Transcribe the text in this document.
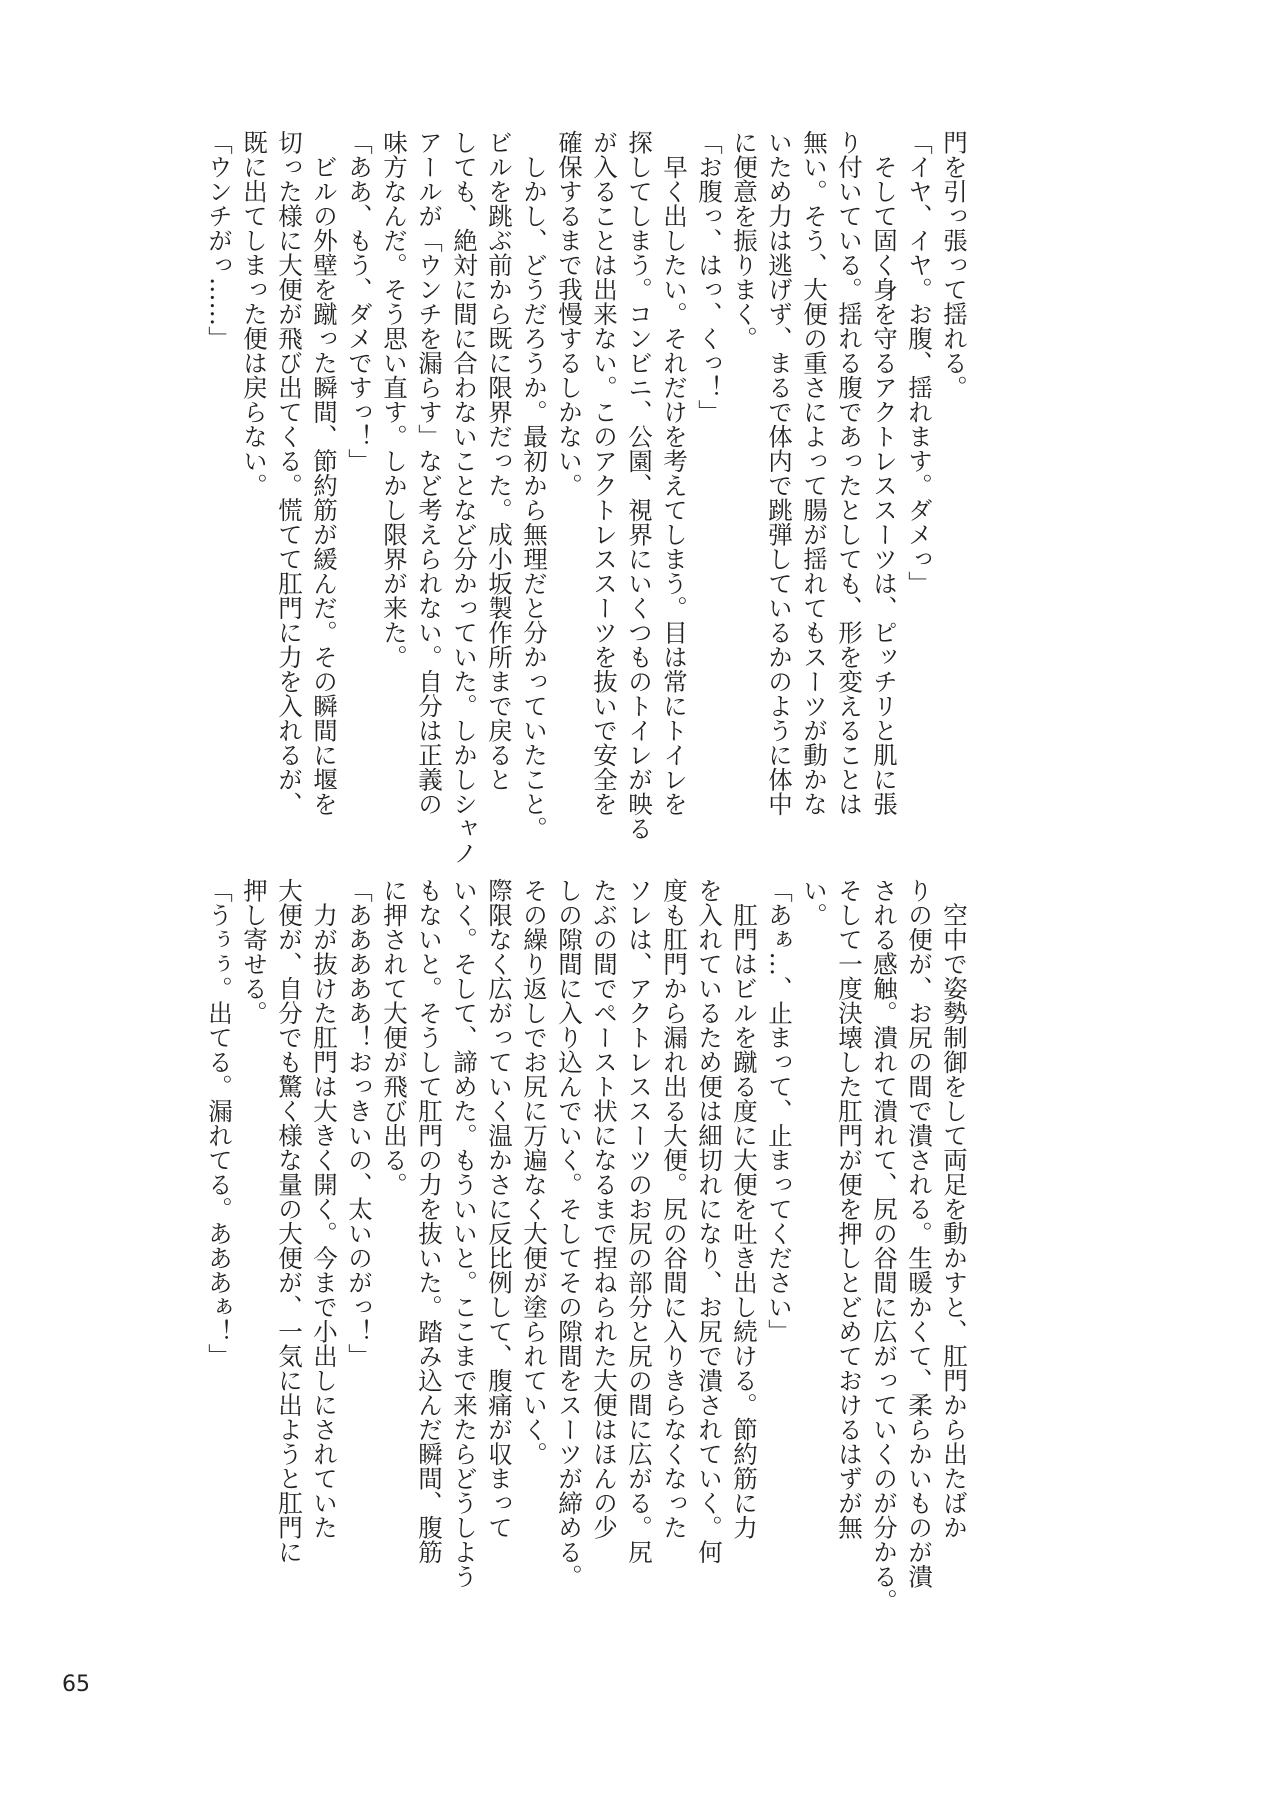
門を引っ張って揺れる。
「イヤ、イヤ。お腹、揺れます。ダメっ」
　そして固く身を守るアクトレススーツは、ピッチリと肌に張
り付いている。揺れる腹であったとしても、形を変えることは
無い。そう、大便の重さによって腸が揺れてもスーツが動かな
いため力は逃げず、まるで体内で跳弾しているかのように体中
に便意を振りまく。
「お腹っ、はっ、くっ！」
　早く出したい。それだけを考えてしまう。目は常にトイレを
探してしまう。コンビニ、公園、視界にいくつものトイレが映る
が入ることは出来ない。このアクトレススーツを抜いで安全を
確保するまで我慢するしかない。
　しかし、どうだろうか。最初から無理だと分かっていたこと。
ビルを跳ぶ前から既に限界だった。成小坂製作所まで戻ると
しても、絶対に間に合わないことなど分かっていた。しかしシャノ
アールが「ウンチを漏らす」など考えられない。自分は正義の
味方なんだ。そう思い直す。しかし限界が来た。
「ああ、もう、ダメですっ！」
　ビルの外壁を蹴った瞬間、節約筋が緩んだ。その瞬間に堰を
切った様に大便が飛び出てくる。慌てて肛門に力を入れるが、
既に出てしまった便は戻らない。
「ウンチがっ……」
　空中で姿勢制御をして両足を動かすと、肛門から出たばか
りの便が、お尻の間で潰される。生暖かくて、柔らかいものが潰
される感触。潰れて潰れて、尻の谷間に広がっていくのが分かる。
そして一度決壊した肛門が便を押しとどめておけるはずが無
い。
「あぁ…、止まって、止まってください」
　肛門はビルを蹴る度に大便を吐き出し続ける。節約筋に力
を入れているため便は細切れになり、お尻で潰されていく。何
度も肛門から漏れ出る大便。尻の谷間に入りきらなくなった
ソレは、アクトレススーツのお尻の部分と尻の間に広がる。尻
たぶの間でペースト状になるまで捏ねられた大便はほんの少
しの隙間に入り込んでいく。そしてその隙間をスーツが締める。
その繰り返しでお尻に万遍なく大便が塗られていく。
際限なく広がっていく温かさに反比例して、腹痛が収まって
いく。そして、諦めた。もういいと。ここまで来たらどうしよう
もないと。そうして肛門の力を抜いた。踏み込んだ瞬間、腹筋
に押されて大便が飛び出る。
「あああああ！おっきいの、太いのがっ！」
　力が抜けた肛門は大きく開く。今まで小出しにされていた
大便が、自分でも驚く様な量の大便が、一気に出ようと肛門に
押し寄せる。
「うぅぅ。出てる。漏れてる。あああぁ！」
65
